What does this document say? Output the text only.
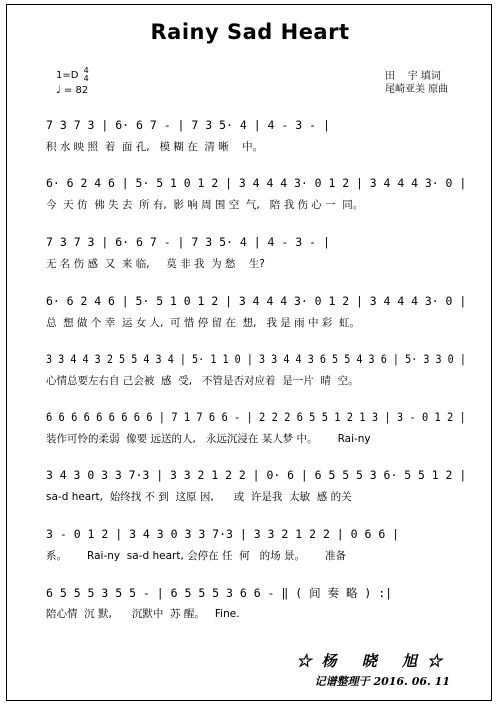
Rainy Sad Heart
1=D 4
4
♩ = 82
田    宇 填词
尾崎亚美 原曲
7 3 7 3 | 6· 6 7 - | 7 3 5· 4 | 4 - 3 - |
积 水 映 照  着  面 孔,   模 糊 在  清 晰    中。
6· 6 2 4 6 | 5· 5 1 0 1 2 | 3 4 4 4 3· 0 1 2 | 3 4 4 4 3· 0 |
今  天 仿  佛 失 去  所 有,  影 响 周 围 空  气,   陪 我 伤 心 一  同。
7 3 7 3 | 6· 6 7 - | 7 3 5· 4 | 4 - 3 - |
无 名 伤 感  又  来 临,     莫 非 我  为 愁    生?
6· 6 2 4 6 | 5· 5 1 0 1 2 | 3 4 4 4 3· 0 1 2 | 3 4 4 4 3· 0 |
总  想 做 个 幸  运 女 人,  可 惜 停 留 在  想,   我 是 雨 中 彩  虹。
3 3 4 4 3 2 5 5 4 3 4 | 5· 1 1 0 | 3 3 4 4 3 6 5 5 4 3 6 | 5· 3 3 0 |
心情总要左右自 己会被  感  受,   不管是否对应着  是一片  晴  空。
6 6 6 6 6 6 6 6 6 | 7 1 7 6 6 - | 2 2 2 6 5 5 1 2 1 3 | 3 - 0 1 2 |
装作可怜的柔弱  像要 远送的人,   永远沉浸在 某人梦 中。      Rai-ny
3 4 3 0 3 3 7·3 | 3 3 2 1 2 2 | 0· 6 | 6 5 5 5 3 6· 5 5 1 2 |
sa-d heart,  始终找 不 到  这原 因,      或  许是我  太敏  感 的关
3 - 0 1 2 | 3 4 3 0 3 3 7·3 | 3 3 2 1 2 2 | 0 6 6 |
系。      Rai-ny  sa-d heart, 会停在 任  何   的场 景。      准备
6 5 5 5 3 5 5 - | 6 5 5 5 3 6 6 - ‖ ( 间 奏 略 ) :|
陪心情  沉 默,      沉默中  苏 醒。   Fine.
☆杨 晓 旭☆
记谱整理于 2016. 06. 11
